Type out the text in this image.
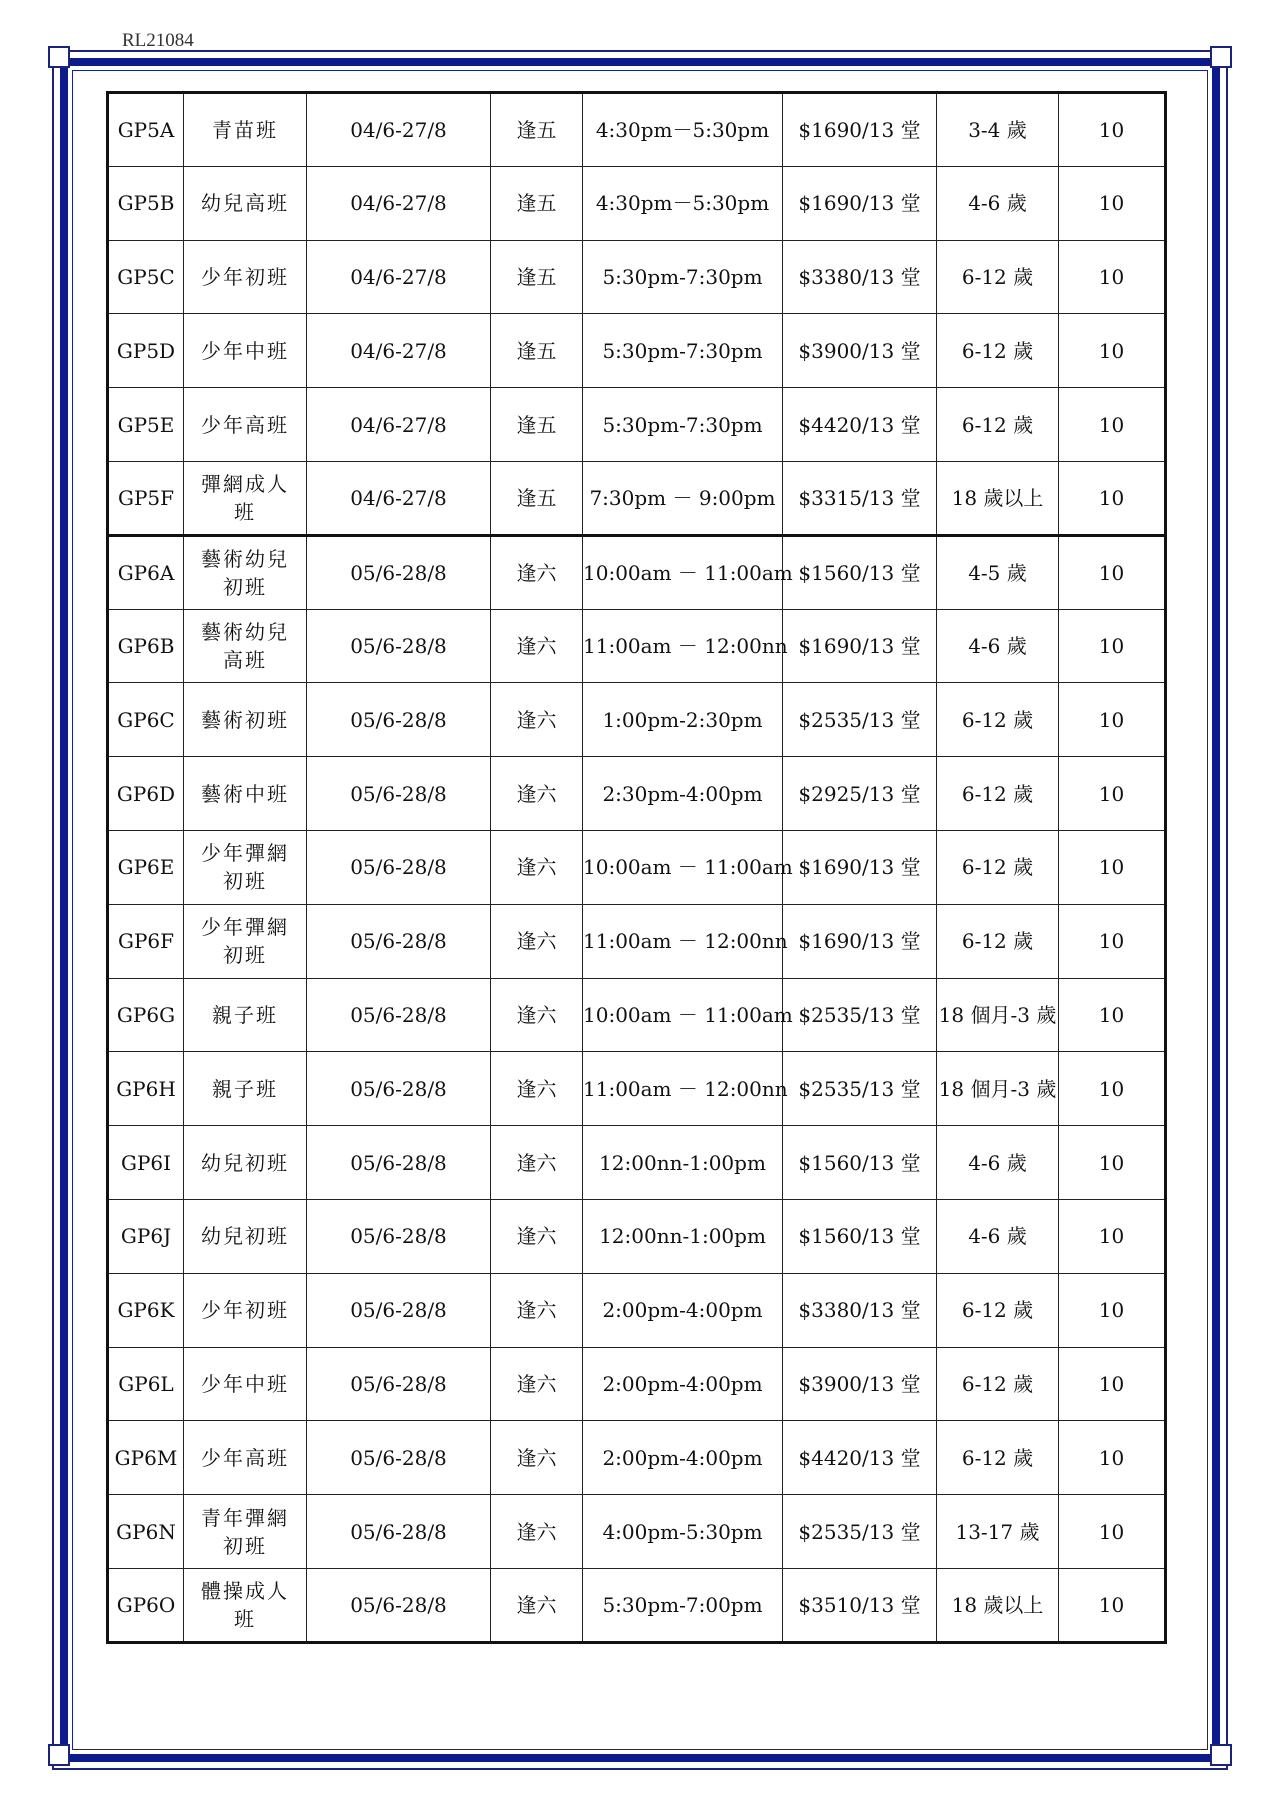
RL21084
GP5A	青苗班	04/6-27/8	逢五	4:30pm－5:30pm	$1690/13 堂	3-4 歲	10
GP5B	幼兒高班	04/6-27/8	逢五	4:30pm－5:30pm	$1690/13 堂	4-6 歲	10
GP5C	少年初班	04/6-27/8	逢五	5:30pm-7:30pm	$3380/13 堂	6-12 歲	10
GP5D	少年中班	04/6-27/8	逢五	5:30pm-7:30pm	$3900/13 堂	6-12 歲	10
GP5E	少年高班	04/6-27/8	逢五	5:30pm-7:30pm	$4420/13 堂	6-12 歲	10
GP5F	彈網成人班	04/6-27/8	逢五	7:30pm － 9:00pm	$3315/13 堂	18 歲以上	10
GP6A	藝術幼兒初班	05/6-28/8	逢六	10:00am － 11:00am	$1560/13 堂	4-5 歲	10
GP6B	藝術幼兒高班	05/6-28/8	逢六	11:00am － 12:00nn	$1690/13 堂	4-6 歲	10
GP6C	藝術初班	05/6-28/8	逢六	1:00pm-2:30pm	$2535/13 堂	6-12 歲	10
GP6D	藝術中班	05/6-28/8	逢六	2:30pm-4:00pm	$2925/13 堂	6-12 歲	10
GP6E	少年彈網初班	05/6-28/8	逢六	10:00am － 11:00am	$1690/13 堂	6-12 歲	10
GP6F	少年彈網初班	05/6-28/8	逢六	11:00am － 12:00nn	$1690/13 堂	6-12 歲	10
GP6G	親子班	05/6-28/8	逢六	10:00am － 11:00am	$2535/13 堂	18 個月-3 歲	10
GP6H	親子班	05/6-28/8	逢六	11:00am － 12:00nn	$2535/13 堂	18 個月-3 歲	10
GP6I	幼兒初班	05/6-28/8	逢六	12:00nn-1:00pm	$1560/13 堂	4-6 歲	10
GP6J	幼兒初班	05/6-28/8	逢六	12:00nn-1:00pm	$1560/13 堂	4-6 歲	10
GP6K	少年初班	05/6-28/8	逢六	2:00pm-4:00pm	$3380/13 堂	6-12 歲	10
GP6L	少年中班	05/6-28/8	逢六	2:00pm-4:00pm	$3900/13 堂	6-12 歲	10
GP6M	少年高班	05/6-28/8	逢六	2:00pm-4:00pm	$4420/13 堂	6-12 歲	10
GP6N	青年彈網初班	05/6-28/8	逢六	4:00pm-5:30pm	$2535/13 堂	13-17 歲	10
GP6O	體操成人班	05/6-28/8	逢六	5:30pm-7:00pm	$3510/13 堂	18 歲以上	10
